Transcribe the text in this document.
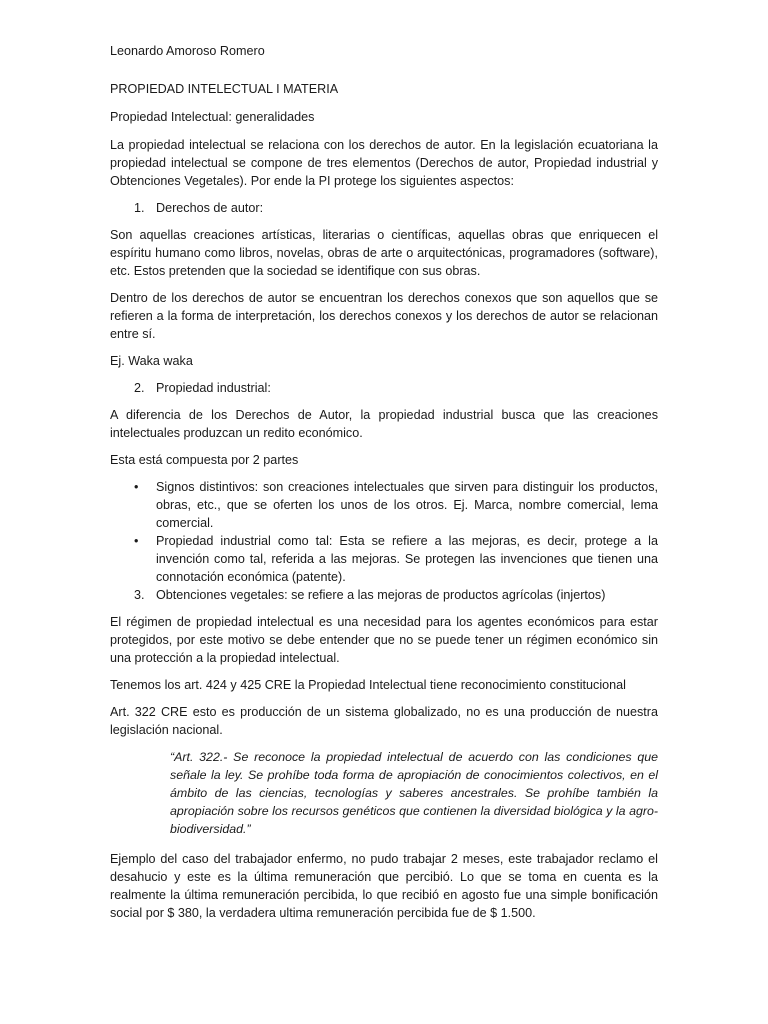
Leonardo Amoroso Romero

PROPIEDAD INTELECTUAL I MATERIA

Propiedad Intelectual: generalidades

La propiedad intelectual se relaciona con los derechos de autor. En la legislación ecuatoriana la propiedad intelectual se compone de tres elementos (Derechos de autor, Propiedad industrial y Obtenciones Vegetales). Por ende la PI protege los siguientes aspectos:

1. Derechos de autor:

Son aquellas creaciones artísticas, literarias o científicas, aquellas obras que enriquecen el espíritu humano como libros, novelas, obras de arte o arquitectónicas, programadores (software), etc. Estos pretenden que la sociedad se identifique con sus obras.

Dentro de los derechos de autor se encuentran los derechos conexos que son aquellos que se refieren a la forma de interpretación, los derechos conexos y los derechos de autor se relacionan entre sí.

Ej. Waka waka

2. Propiedad industrial:

A diferencia de los Derechos de Autor, la propiedad industrial busca que las creaciones intelectuales produzcan un redito económico.

Esta está compuesta por 2 partes

•	Signos distintivos: son creaciones intelectuales que sirven para distinguir los productos, obras, etc., que se oferten los unos de los otros. Ej. Marca, nombre comercial, lema comercial.
•	Propiedad industrial como tal: Esta se refiere a las mejoras, es decir, protege a la invención como tal, referida a las mejoras. Se protegen las invenciones que tienen una connotación económica (patente).
3. Obtenciones vegetales: se refiere a las mejoras de productos agrícolas (injertos)

El régimen de propiedad intelectual es una necesidad para los agentes económicos para estar protegidos, por este motivo se debe entender que no se puede tener un régimen económico sin una protección a la propiedad intelectual.

Tenemos los art. 424 y 425 CRE la Propiedad Intelectual tiene reconocimiento constitucional

Art. 322 CRE esto es producción de un sistema globalizado, no es una producción de nuestra legislación nacional.

“Art. 322.- Se reconoce la propiedad intelectual de acuerdo con las condiciones que señale la ley. Se prohíbe toda forma de apropiación de conocimientos colectivos, en el ámbito de las ciencias, tecnologías y saberes ancestrales. Se prohíbe también la apropiación sobre los recursos genéticos que contienen la diversidad biológica y la agro-biodiversidad.”

Ejemplo del caso del trabajador enfermo, no pudo trabajar 2 meses, este trabajador reclamo el desahucio y este es la última remuneración que percibió. Lo que se toma en cuenta es la realmente la última remuneración percibida, lo que recibió en agosto fue una simple bonificación social por $ 380, la verdadera ultima remuneración percibida fue de $ 1.500.
